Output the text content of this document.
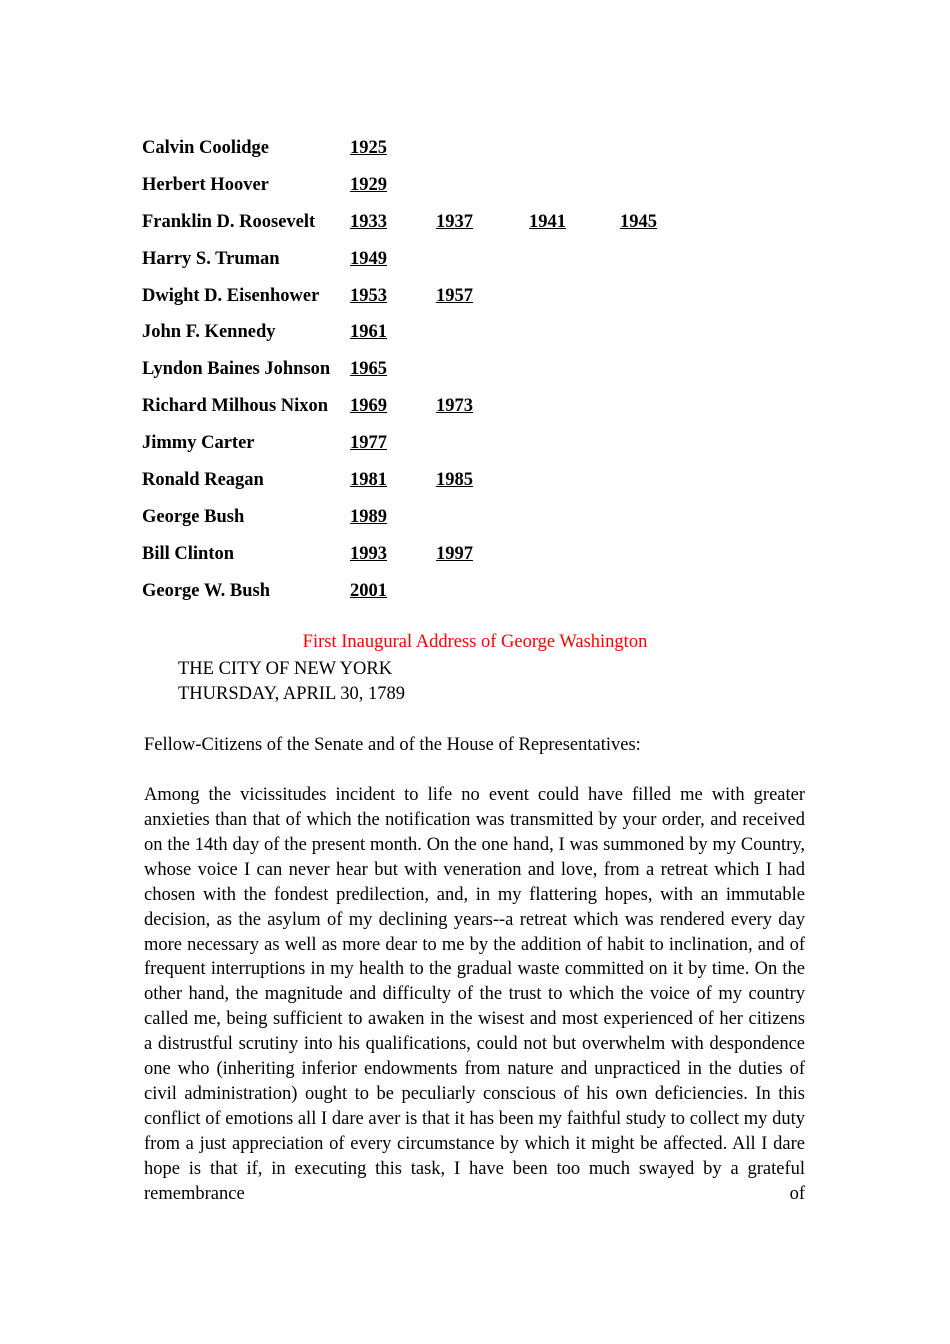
Calvin Coolidge	1925			
Herbert Hoover	1929			
Franklin D. Roosevelt	1933	1937	1941	1945
Harry S. Truman	1949			
Dwight D. Eisenhower	1953	1957		
John F. Kennedy	1961			
Lyndon Baines Johnson	1965			
Richard Milhous Nixon	1969	1973		
Jimmy Carter	1977			
Ronald Reagan	1981	1985		
George Bush	1989			
Bill Clinton	1993	1997		
George W. Bush	2001			
First Inaugural Address of George Washington
THE CITY OF NEW YORK
THURSDAY, APRIL 30, 1789
Fellow-Citizens of the Senate and of the House of Representatives:

Among the vicissitudes incident to life no event could have filled me with greater anxieties than that of which the notification was transmitted by your order, and received on the 14th day of the present month. On the one hand, I was summoned by my Country, whose voice I can never hear but with veneration and love, from a retreat which I had chosen with the fondest predilection, and, in my flattering hopes, with an immutable decision, as the asylum of my declining years--a retreat which was rendered every day more necessary as well as more dear to me by the addition of habit to inclination, and of frequent interruptions in my health to the gradual waste committed on it by time. On the other hand, the magnitude and difficulty of the trust to which the voice of my country called me, being sufficient to awaken in the wisest and most experienced of her citizens a distrustful scrutiny into his qualifications, could not but overwhelm with despondence one who (inheriting inferior endowments from nature and unpracticed in the duties of civil administration) ought to be peculiarly conscious of his own deficiencies. In this conflict of emotions all I dare aver is that it has been my faithful study to collect my duty from a just appreciation of every circumstance by which it might be affected. All I dare hope is that if, in executing this task, I have been too much swayed by a grateful remembrance of
